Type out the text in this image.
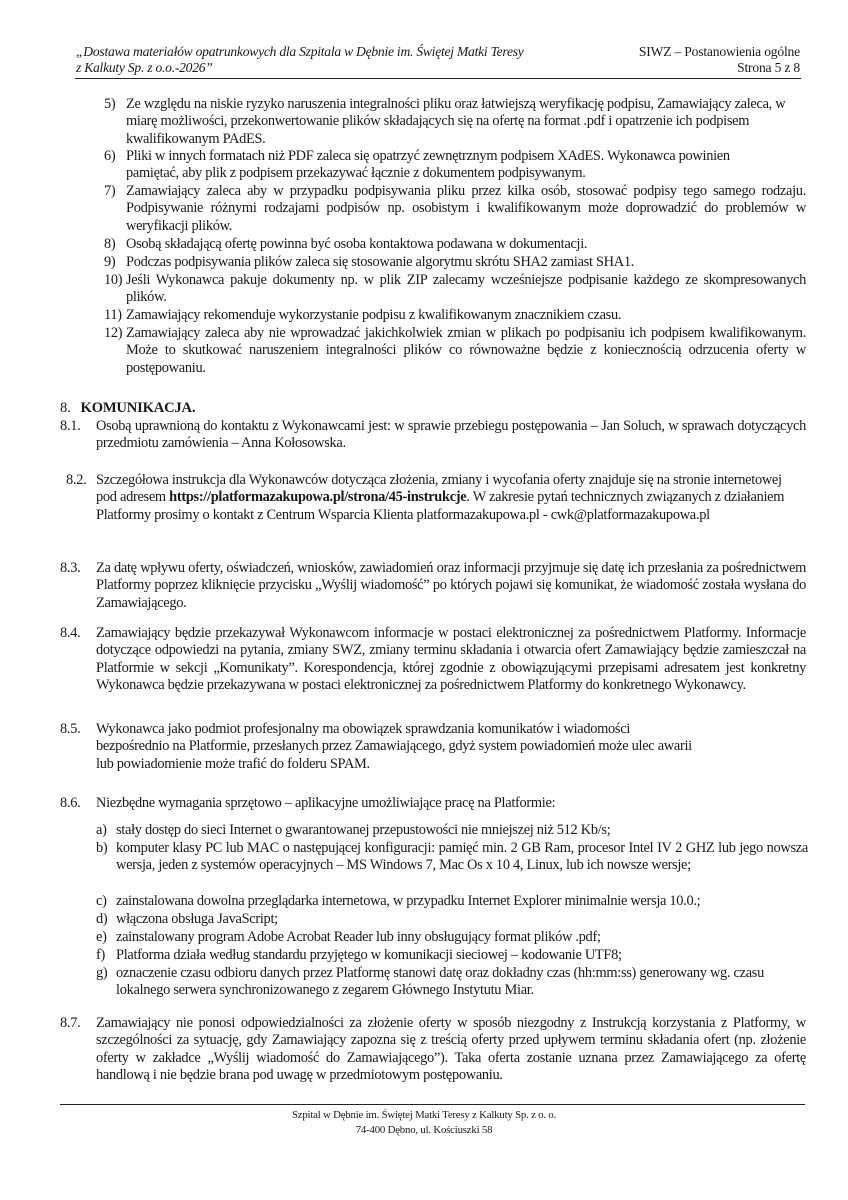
„Dostawa materiałów opatrunkowych dla Szpitala w Dębnie im. Świętej Matki Teresy
z Kalkuty Sp. z o.o.-2026”
SIWZ – Postanowienia ogólne
Strona 5 z 8
5) Ze względu na niskie ryzyko naruszenia integralności pliku oraz łatwiejszą weryfikację podpisu, Zamawiający zaleca, w miarę możliwości, przekonwertowanie plików składających się na ofertę na format .pdf i opatrzenie ich podpisem kwalifikowanym PAdES.
6) Pliki w innych formatach niż PDF zaleca się opatrzyć zewnętrznym podpisem XAdES. Wykonawca powinien pamiętać, aby plik z podpisem przekazywać łącznie z dokumentem podpisywanym.
7) Zamawiający zaleca aby w przypadku podpisywania pliku przez kilka osób, stosować podpisy tego samego rodzaju. Podpisywanie różnymi rodzajami podpisów np. osobistym i kwalifikowanym może doprowadzić do problemów w weryfikacji plików.
8) Osobą składającą ofertę powinna być osoba kontaktowa podawana w dokumentacji.
9) Podczas podpisywania plików zaleca się stosowanie algorytmu skrótu SHA2 zamiast SHA1.
10) Jeśli Wykonawca pakuje dokumenty np. w plik ZIP zalecamy wcześniejsze podpisanie każdego ze skompresowanych plików.
11) Zamawiający rekomenduje wykorzystanie podpisu z kwalifikowanym znacznikiem czasu.
12) Zamawiający zaleca aby nie wprowadzać jakichkolwiek zmian w plikach po podpisaniu ich podpisem kwalifikowanym. Może to skutkować naruszeniem integralności plików co równoważne będzie z koniecznością odrzucenia oferty w postępowaniu.
8. KOMUNIKACJA.
8.1.	Osobą uprawnioną do kontaktu z Wykonawcami jest: w sprawie przebiegu postępowania – Jan Soluch, w sprawach dotyczących przedmiotu zamówienia – Anna Kołosowska.
8.2. Szczegółowa instrukcja dla Wykonawców dotycząca złożenia, zmiany i wycofania oferty znajduje się na stronie internetowej pod adresem https://platformazakupowa.pl/strona/45-instrukcje. W zakresie pytań technicznych związanych z działaniem Platformy prosimy o kontakt z Centrum Wsparcia Klienta platformazakupowa.pl - cwk@platformazakupowa.pl
8.3.	Za datę wpływu oferty, oświadczeń, wniosków, zawiadomień oraz informacji przyjmuje się datę ich przesłania za pośrednictwem Platformy poprzez kliknięcie przycisku „Wyślij wiadomość” po których pojawi się komunikat, że wiadomość została wysłana do Zamawiającego.
8.4.	Zamawiający będzie przekazywał Wykonawcom informacje w postaci elektronicznej za pośrednictwem Platformy. Informacje dotyczące odpowiedzi na pytania, zmiany SWZ, zmiany terminu składania i otwarcia ofert Zamawiający będzie zamieszczał na Platformie w sekcji „Komunikaty”. Korespondencja, której zgodnie z obowiązującymi przepisami adresatem jest konkretny Wykonawca będzie przekazywana w postaci elektronicznej za pośrednictwem Platformy do konkretnego Wykonawcy.
8.5. Wykonawca jako podmiot profesjonalny ma obowiązek sprawdzania komunikatów i wiadomości
bezpośrednio na Platformie, przesłanych przez Zamawiającego, gdyż system powiadomień może ulec awarii
lub powiadomienie może trafić do folderu SPAM.
8.6.	Niezbędne wymagania sprzętowo – aplikacyjne umożliwiające pracę na Platformie:
a) stały dostęp do sieci Internet o gwarantowanej przepustowości nie mniejszej niż 512 Kb/s;
b) komputer klasy PC lub MAC o następującej konfiguracji: pamięć min. 2 GB Ram, procesor Intel IV 2 GHZ lub jego nowsza wersja, jeden z systemów operacyjnych – MS Windows 7, Mac Os x 10 4, Linux, lub ich nowsze wersje;
c) zainstalowana dowolna przeglądarka internetowa, w przypadku Internet Explorer minimalnie wersja 10.0.;
d) włączona obsługa JavaScript;
e) zainstalowany program Adobe Acrobat Reader lub inny obsługujący format plików .pdf;
f) Platforma działa według standardu przyjętego w komunikacji sieciowej – kodowanie UTF8;
g) oznaczenie czasu odbioru danych przez Platformę stanowi datę oraz dokładny czas (hh:mm:ss) generowany wg. czasu lokalnego serwera synchronizowanego z zegarem Głównego Instytutu Miar.
8.7.	Zamawiający nie ponosi odpowiedzialności za złożenie oferty w sposób niezgodny z Instrukcją korzystania z Platformy, w szczególności za sytuację, gdy Zamawiający zapozna się z treścią oferty przed upływem terminu składania ofert (np. złożenie oferty w zakładce „Wyślij wiadomość do Zamawiającego”). Taka oferta zostanie uznana przez Zamawiającego za ofertę handlową i nie będzie brana pod uwagę w przedmiotowym postępowaniu.
Szpital w Dębnie im. Świętej Matki Teresy z Kalkuty Sp. z o. o.
74-400 Dębno, ul. Kościuszki 58
